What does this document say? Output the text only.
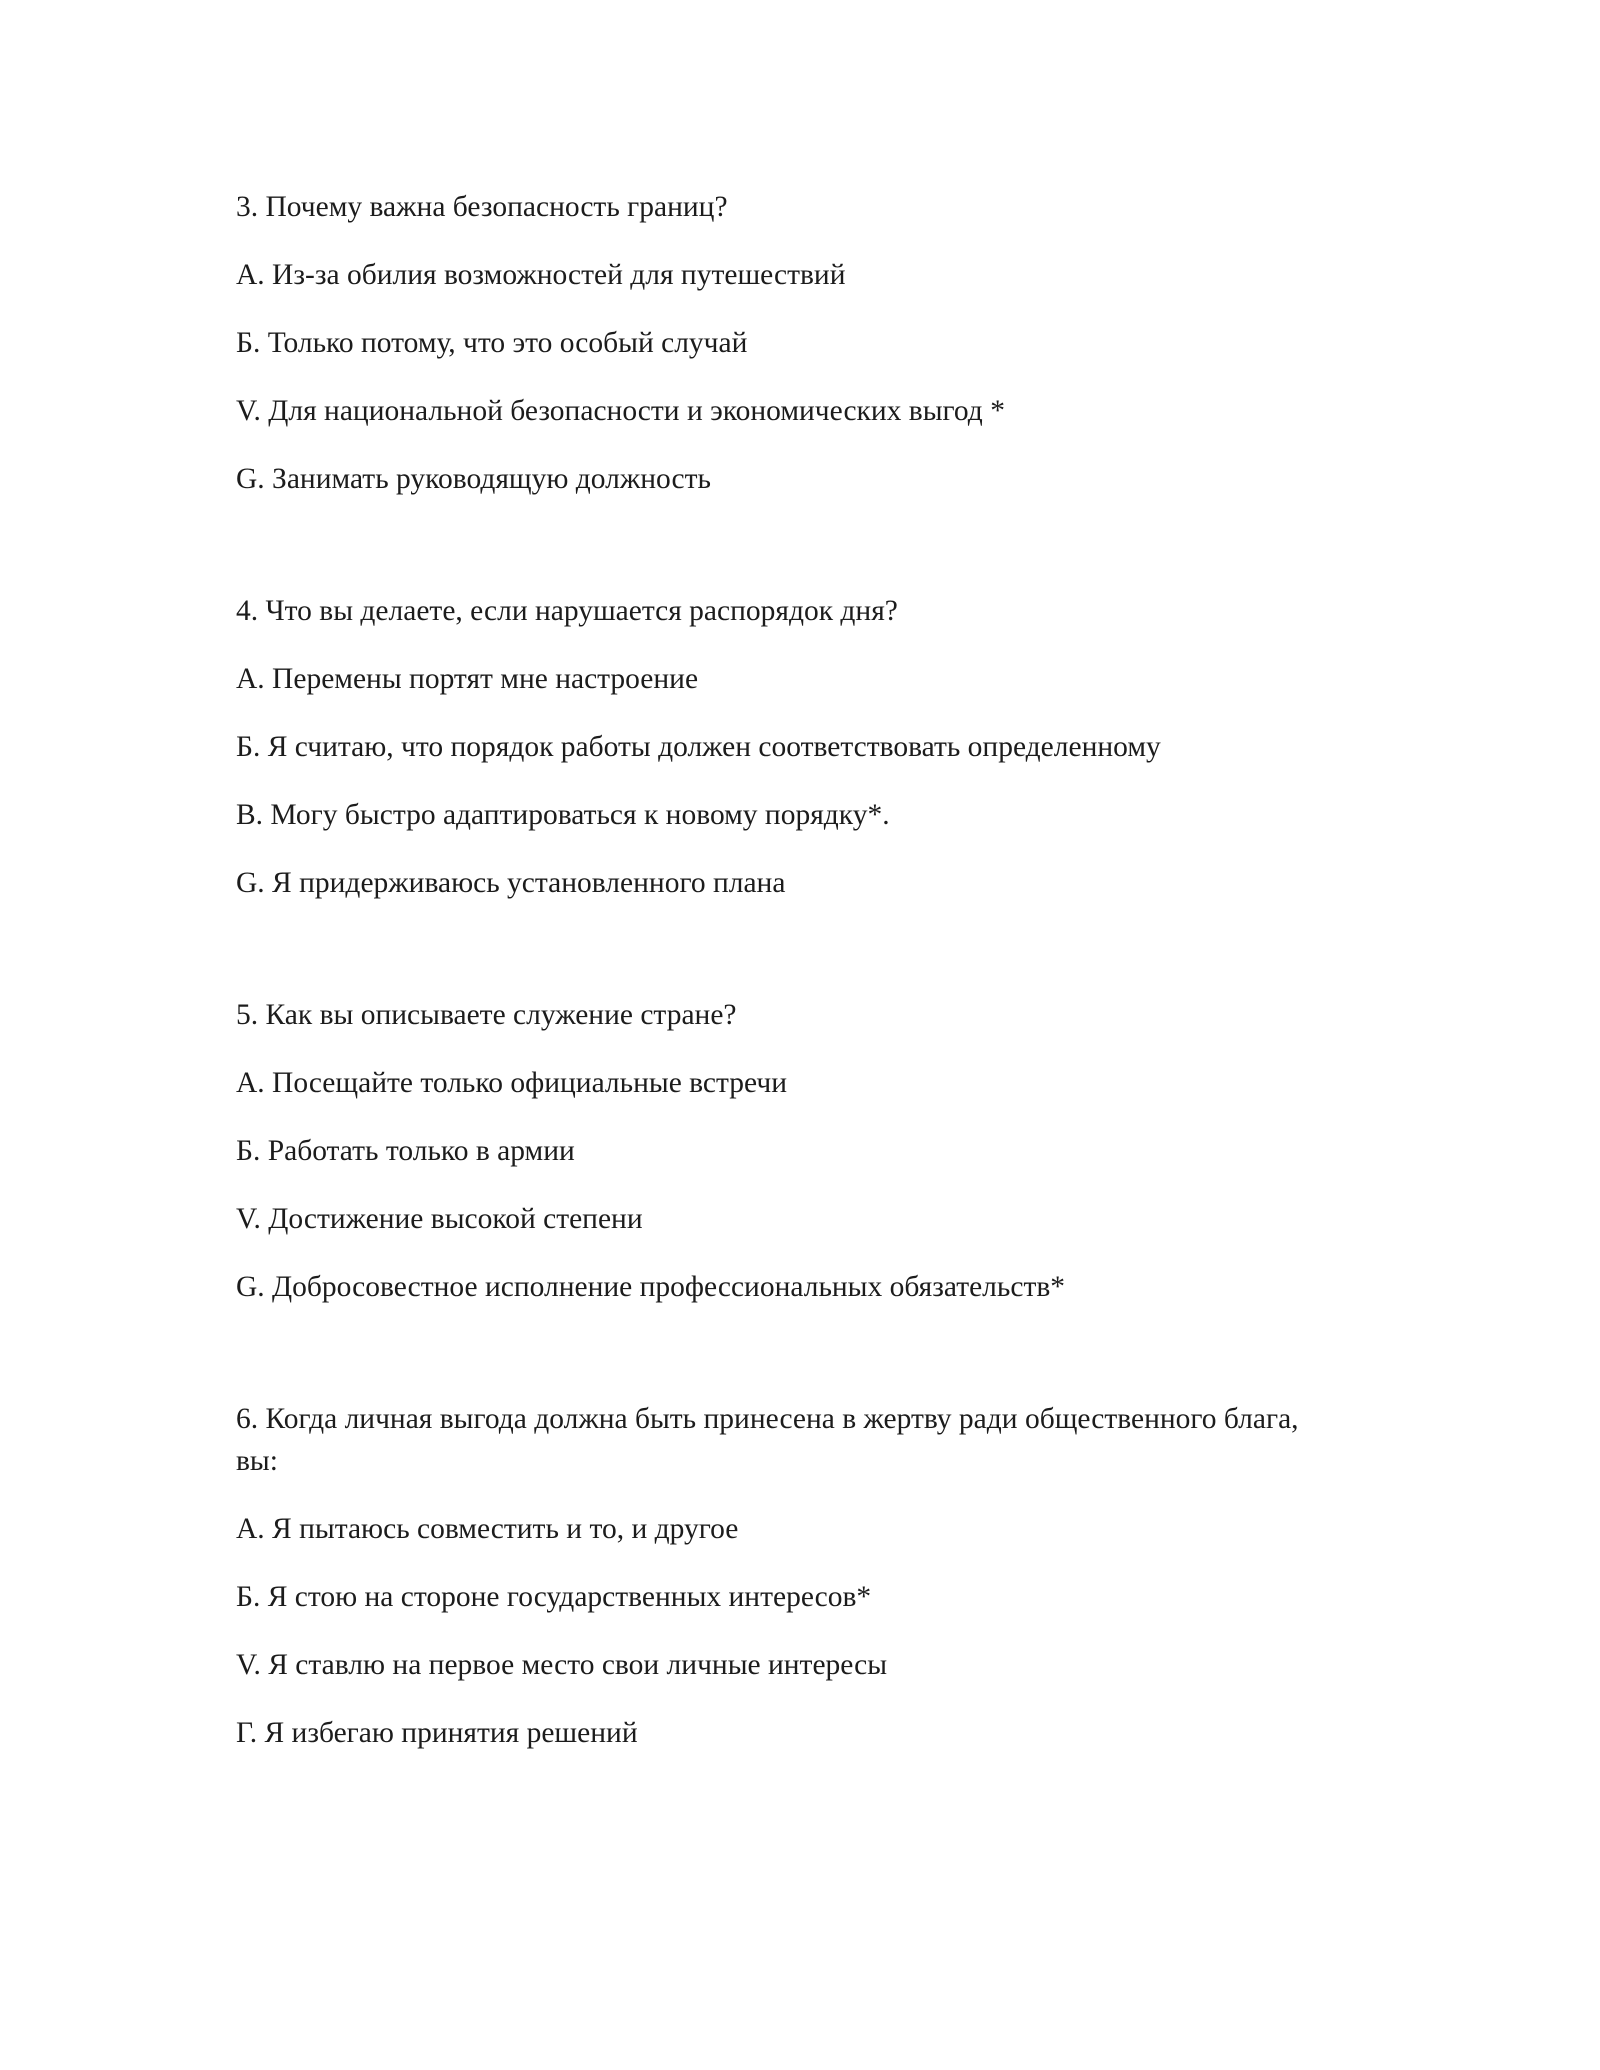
3. Почему важна безопасность границ?

A. Из-за обилия возможностей для путешествий
Б. Только потому, что это особый случай
V. Для национальной безопасности и экономических выгод *
G. Занимать руководящую должность

4. Что вы делаете, если нарушается распорядок дня?

А. Перемены портят мне настроение
Б. Я считаю, что порядок работы должен соответствовать определенному
В. Могу быстро адаптироваться к новому порядку*.
G. Я придерживаюсь установленного плана

5. Как вы описываете служение стране?

А. Посещайте только официальные встречи
Б. Работать только в армии
V. Достижение высокой степени
G. Добросовестное исполнение профессиональных обязательств*

6. Когда личная выгода должна быть принесена в жертву ради общественного блага, вы:

А. Я пытаюсь совместить и то, и другое
Б. Я стою на стороне государственных интересов*
V. Я ставлю на первое место свои личные интересы
Г. Я избегаю принятия решений
